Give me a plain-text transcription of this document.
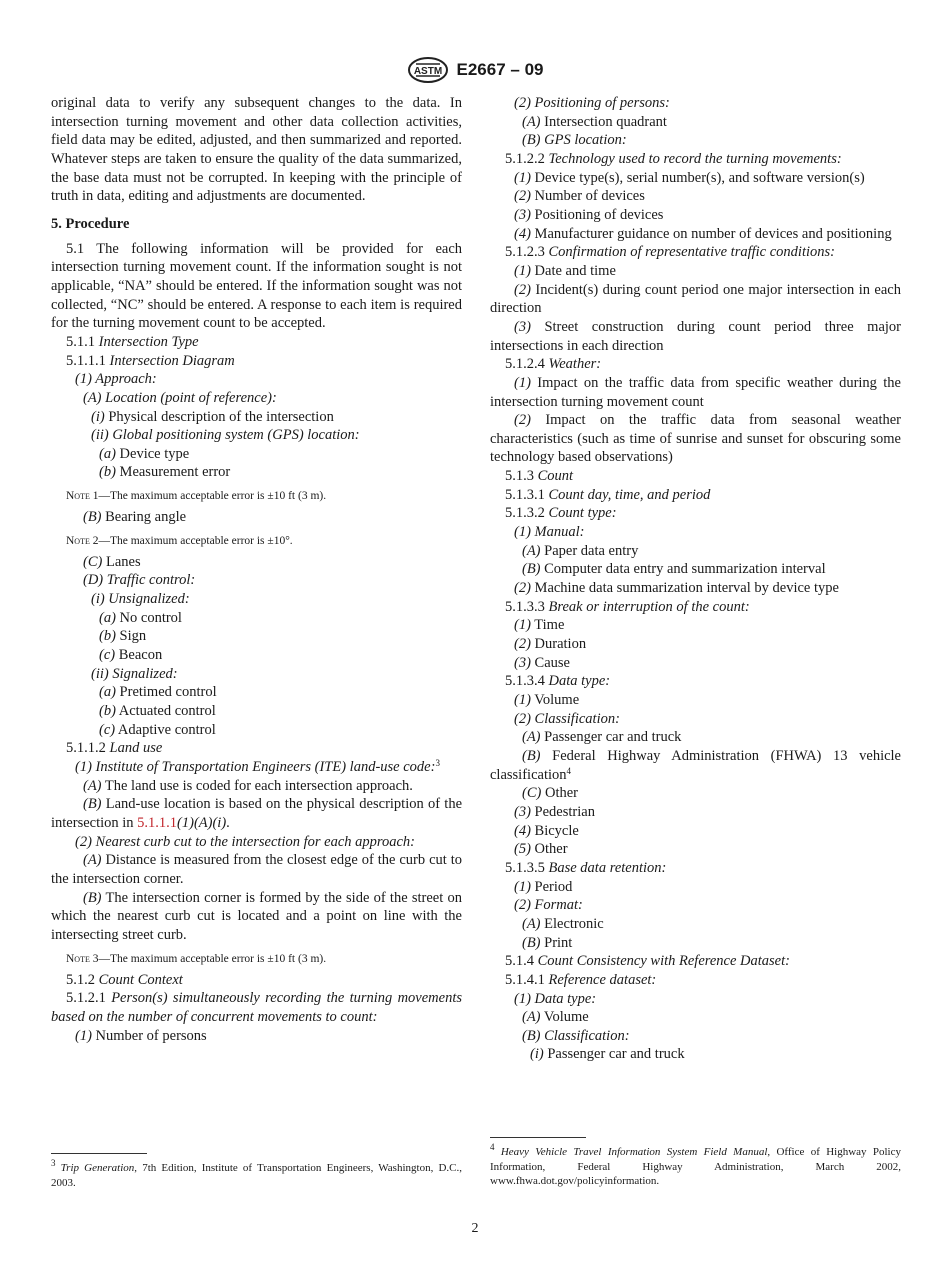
ASTM E2667 – 09

original data to verify any subsequent changes to the data. In intersection turning movement and other data collection activities, field data may be edited, adjusted, and then summarized and reported. Whatever steps are taken to ensure the quality of the data summarized, the base data must not be corrupted. In keeping with the principle of truth in data, editing and adjustments are documented.

5. Procedure

5.1 The following information will be provided for each intersection turning movement count. If the information sought is not applicable, “NA” should be entered. If the information sought was not collected, “NC” should be entered. A response to each item is required for the turning movement count to be accepted.

5.1.1 Intersection Type

5.1.1.1 Intersection Diagram

(1) Approach:

(A) Location (point of reference):

(i) Physical description of the intersection

(ii) Global positioning system (GPS) location:

(a) Device type

(b) Measurement error

Note 1—The maximum acceptable error is ±10 ft (3 m).

(B) Bearing angle

Note 2—The maximum acceptable error is ±10°.

(C) Lanes

(D) Traffic control:

(i) Unsignalized:

(a) No control

(b) Sign

(c) Beacon

(ii) Signalized:

(a) Pretimed control

(b) Actuated control

(c) Adaptive control

5.1.1.2 Land use

(1) Institute of Transportation Engineers (ITE) land-use code:$^3$

(A) The land use is coded for each intersection approach.

(B) Land-use location is based on the physical description of the intersection in 5.1.1.1(1)(A)(i).

(2) Nearest curb cut to the intersection for each approach:

(A) Distance is measured from the closest edge of the curb cut to the intersection corner.

(B) The intersection corner is formed by the side of the street on which the nearest curb cut is located and a point on line with the intersecting street curb.

Note 3—The maximum acceptable error is ±10 ft (3 m).

5.1.2 Count Context

5.1.2.1 Person(s) simultaneously recording the turning movements based on the number of concurrent movements to count:

(1) Number of persons

(2) Positioning of persons:

(A) Intersection quadrant

(B) GPS location:

5.1.2.2 Technology used to record the turning movements:

(1) Device type(s), serial number(s), and software version(s)

(2) Number of devices

(3) Positioning of devices

(4) Manufacturer guidance on number of devices and positioning

5.1.2.3 Confirmation of representative traffic conditions:

(1) Date and time

(2) Incident(s) during count period one major intersection in each direction

(3) Street construction during count period three major intersections in each direction

5.1.2.4 Weather:

(1) Impact on the traffic data from specific weather during the intersection turning movement count

(2) Impact on the traffic data from seasonal weather characteristics (such as time of sunrise and sunset for obscuring some technology based observations)

5.1.3 Count

5.1.3.1 Count day, time, and period

5.1.3.2 Count type:

(1) Manual:

(A) Paper data entry

(B) Computer data entry and summarization interval

(2) Machine data summarization interval by device type

5.1.3.3 Break or interruption of the count:

(1) Time

(2) Duration

(3) Cause

5.1.3.4 Data type:

(1) Volume

(2) Classification:

(A) Passenger car and truck

(B) Federal Highway Administration (FHWA) 13 vehicle classification$^4$

(C) Other

(3) Pedestrian

(4) Bicycle

(5) Other

5.1.3.5 Base data retention:

(1) Period

(2) Format:

(A) Electronic

(B) Print

5.1.4 Count Consistency with Reference Dataset:

5.1.4.1 Reference dataset:

(1) Data type:

(A) Volume

(B) Classification:

(i) Passenger car and truck

$^3$ Trip Generation, 7th Edition, Institute of Transportation Engineers, Washington, D.C., 2003.
$^4$ Heavy Vehicle Travel Information System Field Manual, Office of Highway Policy Information, Federal Highway Administration, March 2002, www.fhwa.dot.gov/policyinformation.
2
